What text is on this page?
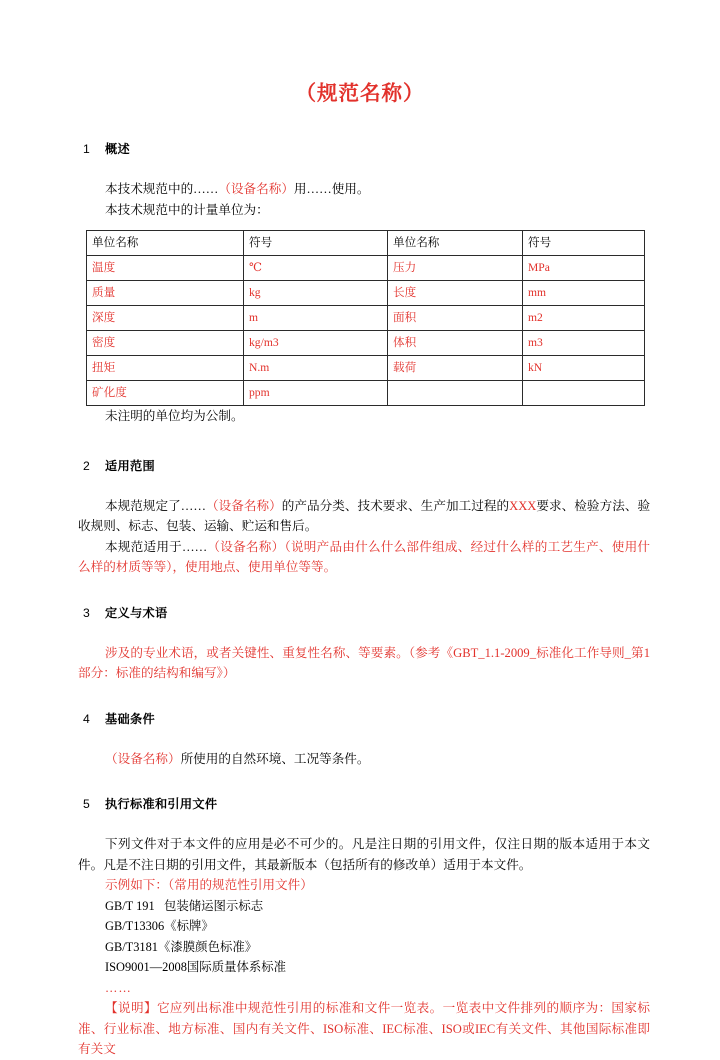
（规范名称）
1 概述

本技术规范中的……（设备名称）用……使用。

本技术规范中的计量单位为：

单位名称	符号	单位名称	符号
温度	℃	压力	MPa
质量	kg	长度	mm
深度	m	面积	m2
密度	kg/m3	体积	m3
扭矩	N.m	载荷	kN
矿化度	ppm		

未注明的单位均为公制。

2 适用范围

本规范规定了……（设备名称）的产品分类、技术要求、生产加工过程的XXX要求、检验方法、验收规则、标志、包装、运输、贮运和售后。

本规范适用于……（设备名称）（说明产品由什么什么部件组成、经过什么样的工艺生产、使用什么样的材质等等），使用地点、使用单位等等。

3 定义与术语

涉及的专业术语，或者关键性、重复性名称、等要素。（参考《GBT_1.1-2009_标准化工作导则_第1部分：标准的结构和编写》）

4 基础条件

（设备名称）所使用的自然环境、工况等条件。

5 执行标准和引用文件

下列文件对于本文件的应用是必不可少的。凡是注日期的引用文件，仅注日期的版本适用于本文件。凡是不注日期的引用文件，其最新版本（包括所有的修改单）适用于本文件。

示例如下：（常用的规范性引用文件）

GB/T 191   包装储运图示标志
GB/T13306《标牌》
GB/T3181《漆膜颜色标准》
ISO9001—2008国际质量体系标准
……

【说明】它应列出标准中规范性引用的标准和文件一览表。一览表中文件排列的顺序为：国家标准、行业标准、地方标准、国内有关文件、ISO标准、IEC标准、ISO或IEC有关文件、其他国际标准即有关文
